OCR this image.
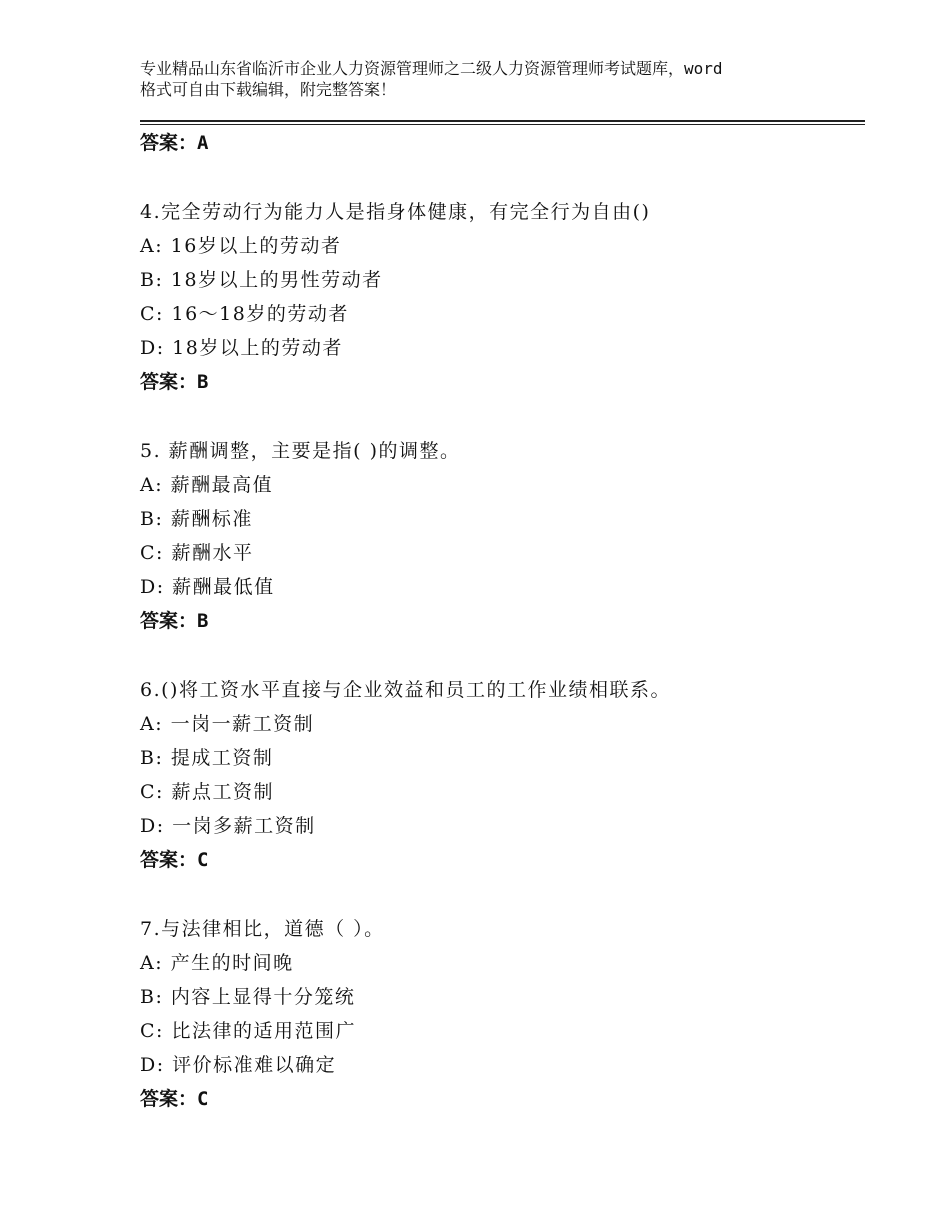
专业精品山东省临沂市企业人力资源管理师之二级人力资源管理师考试题库，word
格式可自由下载编辑，附完整答案！
答案：A
4.完全劳动行为能力人是指身体健康，有完全行为自由()
A: 16岁以上的劳动者
B: 18岁以上的男性劳动者
C: 16～18岁的劳动者
D: 18岁以上的劳动者
答案：B
5. 薪酬调整，主要是指( )的调整。
A: 薪酬最高值
B: 薪酬标准
C: 薪酬水平
D: 薪酬最低值
答案：B
6.()将工资水平直接与企业效益和员工的工作业绩相联系。
A: 一岗一薪工资制
B: 提成工资制
C: 薪点工资制
D: 一岗多薪工资制
答案：C
7.与法律相比，道德（ ）。
A: 产生的时间晚
B: 内容上显得十分笼统
C: 比法律的适用范围广
D: 评价标准难以确定
答案：C
